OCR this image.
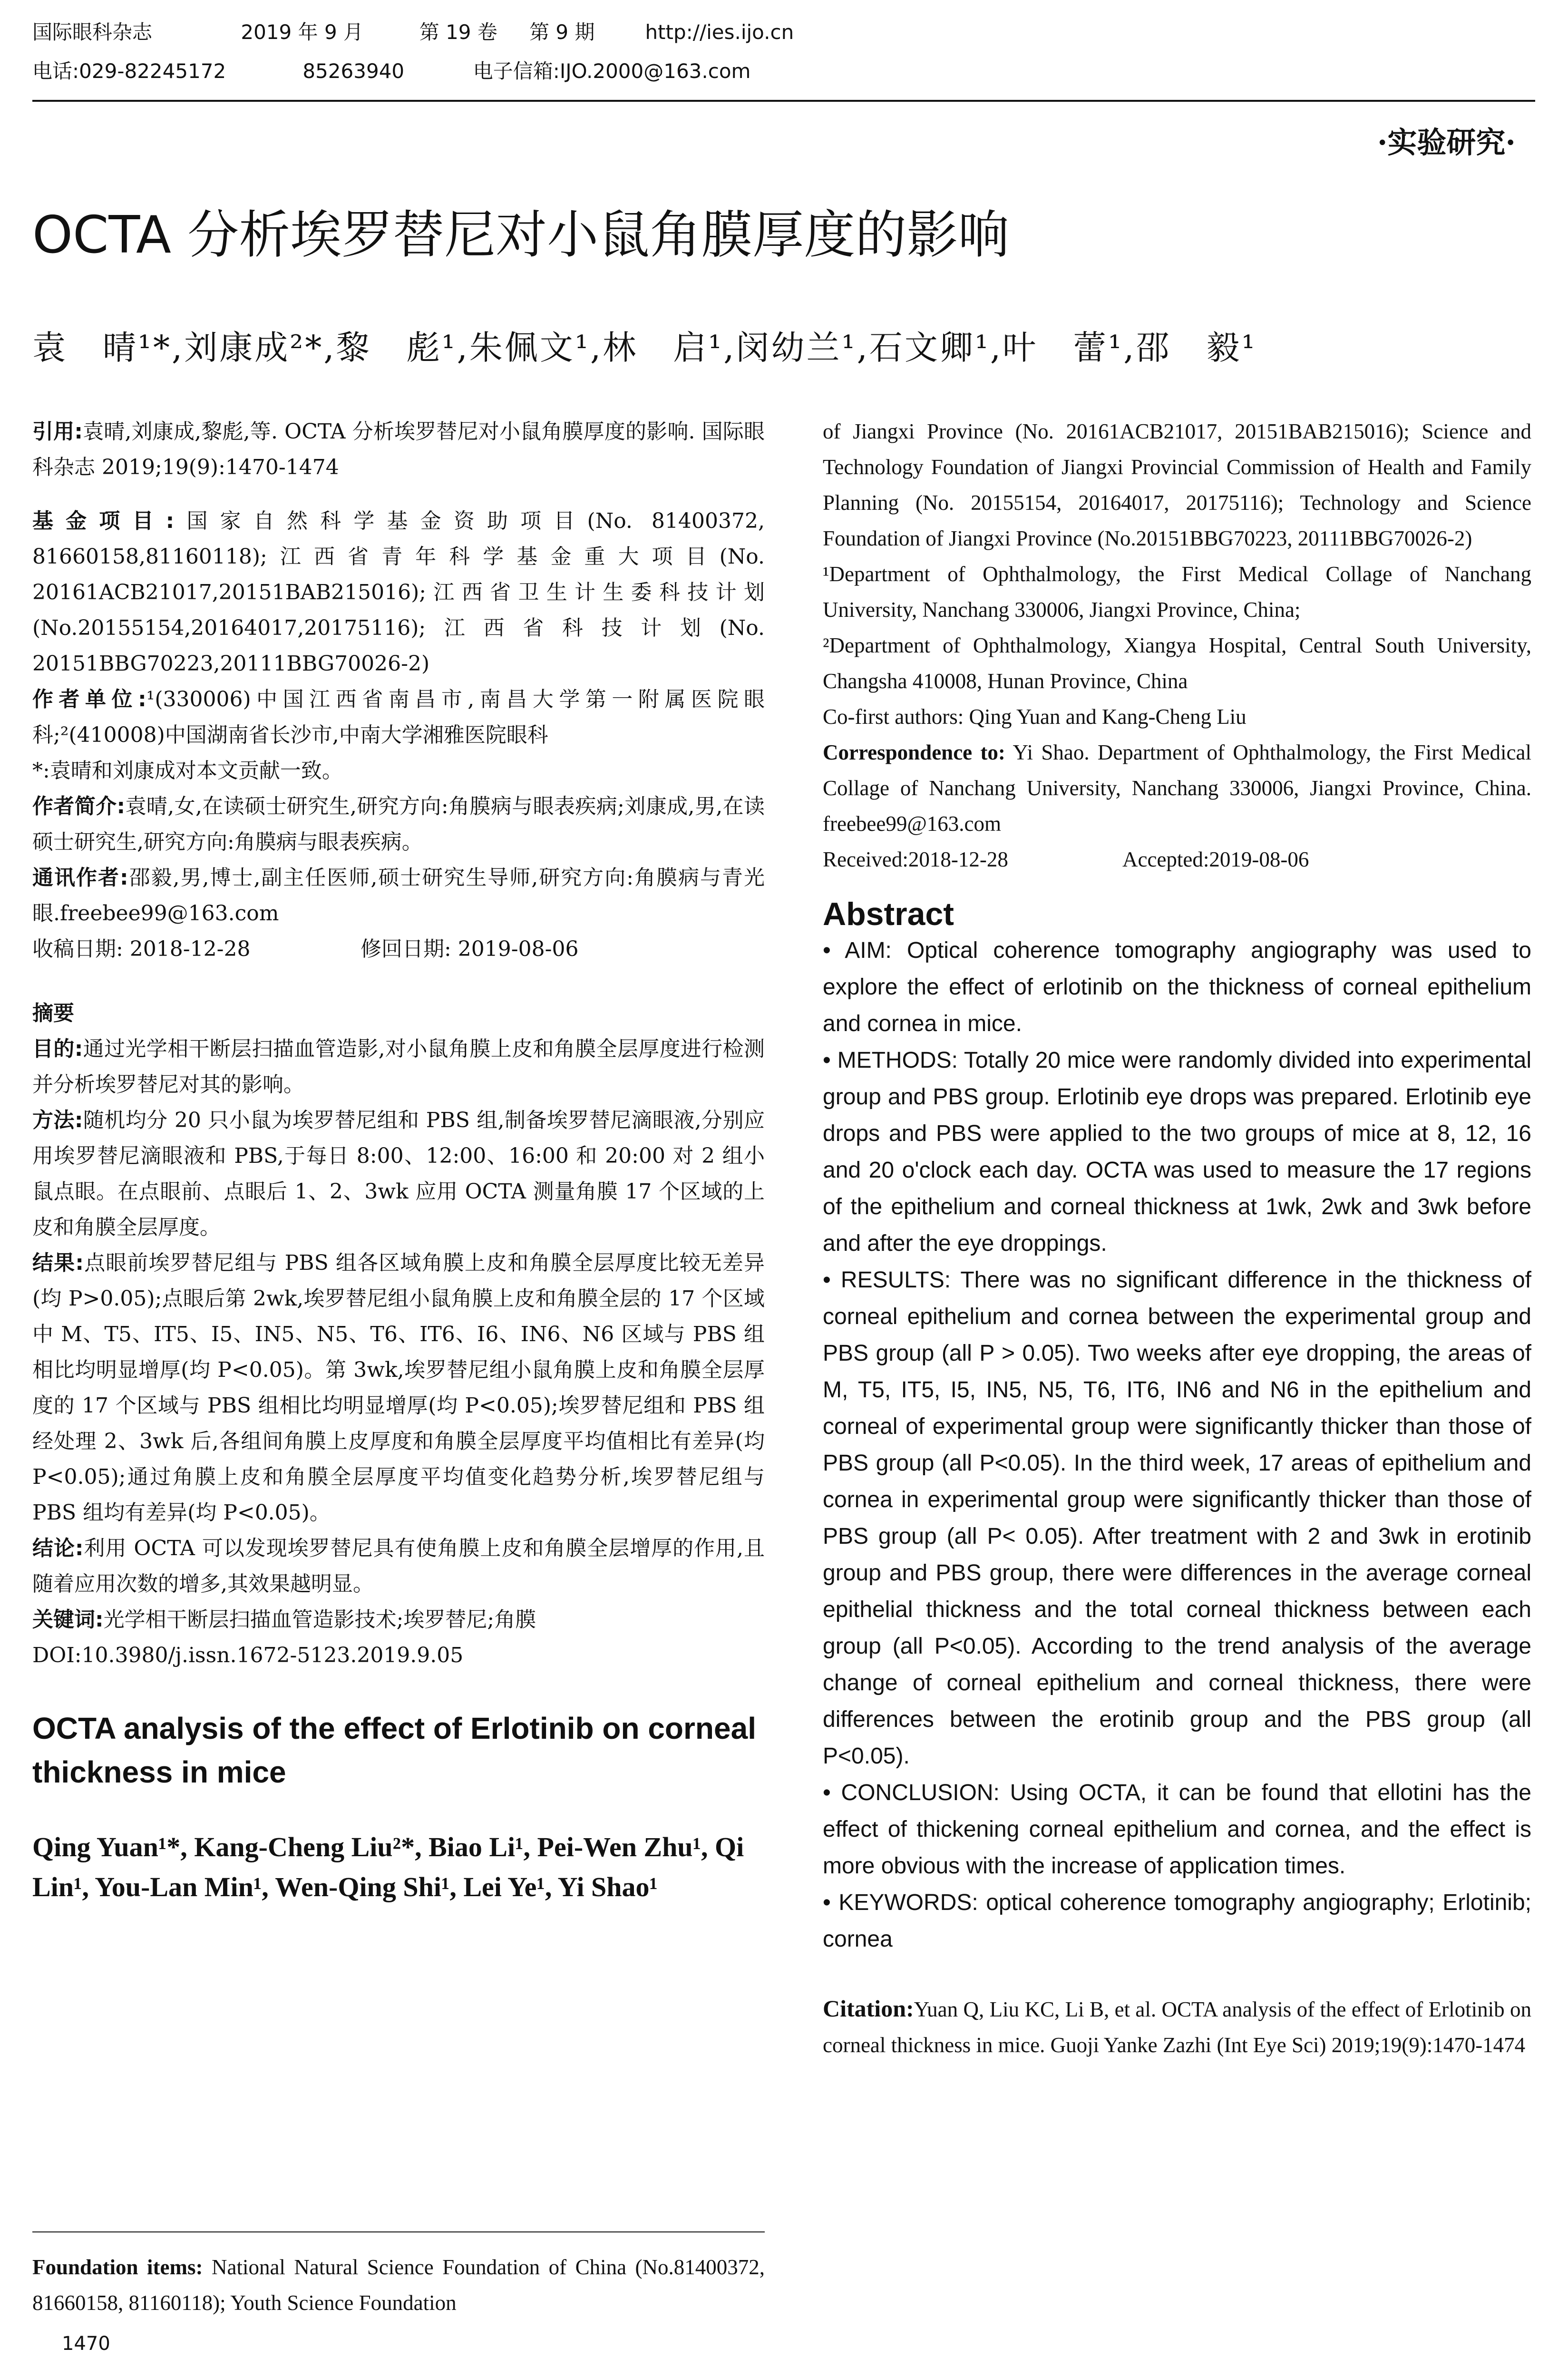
国际眼科杂志	2019 年 9 月	第 19 卷 第 9 期	http://ies.ijo.cn
电话:029-82245172	85263940	电子信箱:IJO.2000@163.com
·实验研究·
OCTA 分析埃罗替尼对小鼠角膜厚度的影响
袁　晴¹*,刘康成²*,黎　彪¹,朱佩文¹,林　启¹,闵幼兰¹,石文卿¹,叶　蕾¹,邵　毅¹

引用:袁晴,刘康成,黎彪,等. OCTA 分析埃罗替尼对小鼠角膜厚度的影响. 国际眼科杂志 2019;19(9):1470-1474

基金项目:国家自然科学基金资助项目(No. 81400372, 81660158,81160118);江西省青年科学基金重大项目(No. 20161ACB21017,20151BAB215016);江西省卫生计生委科技计划(No.20155154,20164017,20175116);江西省科技计划(No. 20151BBG70223,20111BBG70026-2)

作者单位:¹(330006)中国江西省南昌市,南昌大学第一附属医院眼科;²(410008)中国湖南省长沙市,中南大学湘雅医院眼科

*:袁晴和刘康成对本文贡献一致。

作者简介:袁晴,女,在读硕士研究生,研究方向:角膜病与眼表疾病;刘康成,男,在读硕士研究生,研究方向:角膜病与眼表疾病。

通讯作者:邵毅,男,博士,副主任医师,硕士研究生导师,研究方向:角膜病与青光眼.freebee99@163.com

收稿日期: 2018-12-28	修回日期: 2019-08-06

摘要

目的:通过光学相干断层扫描血管造影,对小鼠角膜上皮和角膜全层厚度进行检测并分析埃罗替尼对其的影响。

方法:随机均分 20 只小鼠为埃罗替尼组和 PBS 组,制备埃罗替尼滴眼液,分别应用埃罗替尼滴眼液和 PBS,于每日 8:00、12:00、16:00 和 20:00 对 2 组小鼠点眼。在点眼前、点眼后 1、2、3wk 应用 OCTA 测量角膜 17 个区域的上皮和角膜全层厚度。

结果:点眼前埃罗替尼组与 PBS 组各区域角膜上皮和角膜全层厚度比较无差异(均 P>0.05);点眼后第 2wk,埃罗替尼组小鼠角膜上皮和角膜全层的 17 个区域中 M、T5、IT5、I5、IN5、N5、T6、IT6、I6、IN6、N6 区域与 PBS 组相比均明显增厚(均 P<0.05)。第 3wk,埃罗替尼组小鼠角膜上皮和角膜全层厚度的 17 个区域与 PBS 组相比均明显增厚(均 P<0.05);埃罗替尼组和 PBS 组经处理 2、3wk 后,各组间角膜上皮厚度和角膜全层厚度平均值相比有差异(均 P<0.05);通过角膜上皮和角膜全层厚度平均值变化趋势分析,埃罗替尼组与 PBS 组均有差异(均 P<0.05)。

结论:利用 OCTA 可以发现埃罗替尼具有使角膜上皮和角膜全层增厚的作用,且随着应用次数的增多,其效果越明显。

关键词:光学相干断层扫描血管造影技术;埃罗替尼;角膜

DOI:10.3980/j.issn.1672-5123.2019.9.05

OCTA analysis of the effect of Erlotinib on corneal thickness in mice

Qing Yuan¹*, Kang-Cheng Liu²*, Biao Li¹, Pei-Wen Zhu¹, Qi Lin¹, You-Lan Min¹, Wen-Qing Shi¹, Lei Ye¹, Yi Shao¹

Foundation items: National Natural Science Foundation of China (No.81400372, 81660158, 81160118); Youth Science Foundation

1470

of Jiangxi Province (No. 20161ACB21017, 20151BAB215016); Science and Technology Foundation of Jiangxi Provincial Commission of Health and Family Planning (No. 20155154, 20164017, 20175116); Technology and Science Foundation of Jiangxi Province (No.20151BBG70223, 20111BBG70026-2)

¹Department of Ophthalmology, the First Medical Collage of Nanchang University, Nanchang 330006, Jiangxi Province, China;

²Department of Ophthalmology, Xiangya Hospital, Central South University, Changsha 410008, Hunan Province, China

Co-first authors: Qing Yuan and Kang-Cheng Liu

Correspondence to: Yi Shao. Department of Ophthalmology, the First Medical Collage of Nanchang University, Nanchang 330006, Jiangxi Province, China. freebee99@163.com

Received:2018-12-28	Accepted:2019-08-06

Abstract

• AIM: Optical coherence tomography angiography was used to explore the effect of erlotinib on the thickness of corneal epithelium and cornea in mice.

• METHODS: Totally 20 mice were randomly divided into experimental group and PBS group. Erlotinib eye drops was prepared. Erlotinib eye drops and PBS were applied to the two groups of mice at 8, 12, 16 and 20 o'clock each day. OCTA was used to measure the 17 regions of the epithelium and corneal thickness at 1wk, 2wk and 3wk before and after the eye droppings.

• RESULTS: There was no significant difference in the thickness of corneal epithelium and cornea between the experimental group and PBS group (all P > 0.05). Two weeks after eye dropping, the areas of M, T5, IT5, I5, IN5, N5, T6, IT6, IN6 and N6 in the epithelium and corneal of experimental group were significantly thicker than those of PBS group (all P<0.05). In the third week, 17 areas of epithelium and cornea in experimental group were significantly thicker than those of PBS group (all P< 0.05). After treatment with 2 and 3wk in erotinib group and PBS group, there were differences in the average corneal epithelial thickness and the total corneal thickness between each group (all P<0.05). According to the trend analysis of the average change of corneal epithelium and corneal thickness, there were differences between the erotinib group and the PBS group (all P<0.05).

• CONCLUSION: Using OCTA, it can be found that ellotini has the effect of thickening corneal epithelium and cornea, and the effect is more obvious with the increase of application times.

• KEYWORDS: optical coherence tomography angiography; Erlotinib; cornea

Citation:Yuan Q, Liu KC, Li B, et al. OCTA analysis of the effect of Erlotinib on corneal thickness in mice. Guoji Yanke Zazhi (Int Eye Sci) 2019;19(9):1470-1474
